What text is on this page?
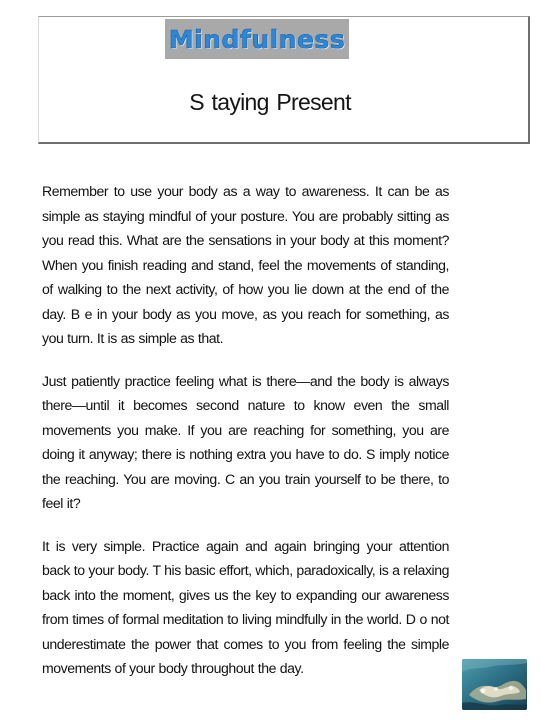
Mindfulness
S taying Present

Remember to use your body as a way to awareness. It can be as simple as staying mindful of your posture. You are probably sitting as you read this. What are the sensations in your body at this moment? When you finish reading and stand, feel the movements of standing, of walking to the next activity, of how you lie down at the end of the day. B e in your body as you move, as you reach for something, as you turn. It is as simple as that.

Just patiently practice feeling what is there—and the body is always there—until it becomes second nature to know even the small movements you make. If you are reaching for something, you are doing it anyway; there is nothing extra you have to do. S imply notice the reaching. You are moving. C an you train yourself to be there, to feel it?

It is very simple. Practice again and again bringing your attention back to your body. T his basic effort, which, paradoxically, is a relaxing back into the moment, gives us the key to expanding our awareness from times of formal meditation to living mindfully in the world. D o not underestimate the power that comes to you from feeling the simple movements of your body throughout the day.
